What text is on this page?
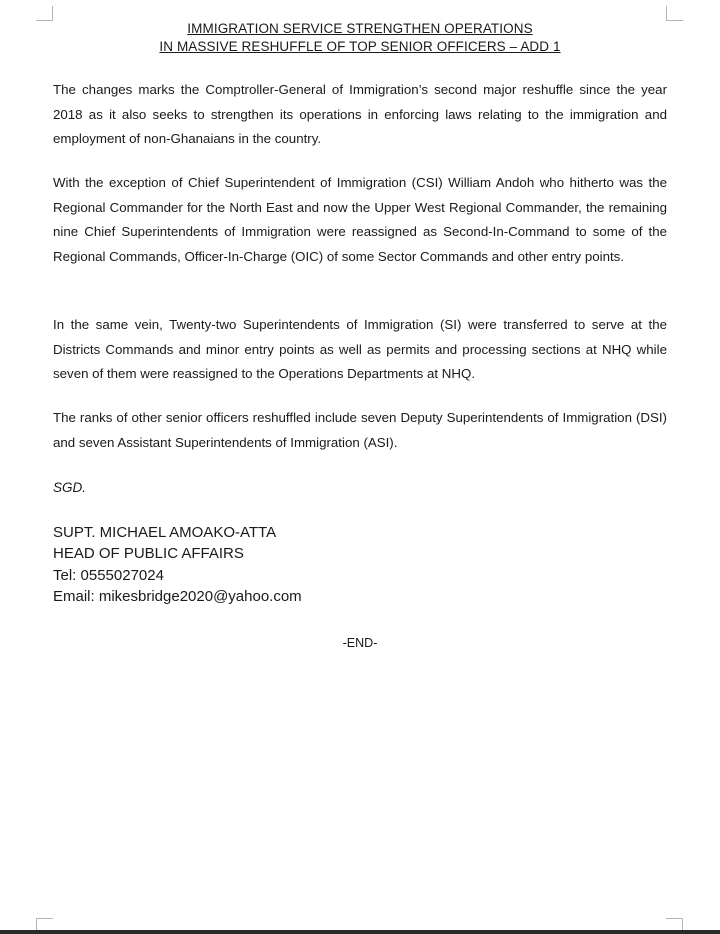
IMMIGRATION SERVICE STRENGTHEN OPERATIONS
IN MASSIVE RESHUFFLE OF TOP SENIOR OFFICERS – ADD 1

The changes marks the Comptroller-General of Immigration’s second major reshuffle since the year 2018 as it also seeks to strengthen its operations in enforcing laws relating to the immigration and employment of non-Ghanaians in the country.

With the exception of Chief Superintendent of Immigration (CSI) William Andoh who hitherto was the Regional Commander for the North East and now the Upper West Regional Commander, the remaining nine Chief Superintendents of Immigration were reassigned as Second-In-Command to some of the Regional Commands, Officer-In-Charge (OIC) of some Sector Commands and other entry points.

In the same vein, Twenty-two Superintendents of Immigration (SI) were transferred to serve at the Districts Commands and minor entry points as well as permits and processing sections at NHQ while seven of them were reassigned to the Operations Departments at NHQ.

The ranks of other senior officers reshuffled include seven Deputy Superintendents of Immigration (DSI) and seven Assistant Superintendents of Immigration (ASI).

SGD.
SUPT. MICHAEL AMOAKO-ATTA
HEAD OF PUBLIC AFFAIRS
Tel: 0555027024
Email: mikesbridge2020@yahoo.com
-END-
